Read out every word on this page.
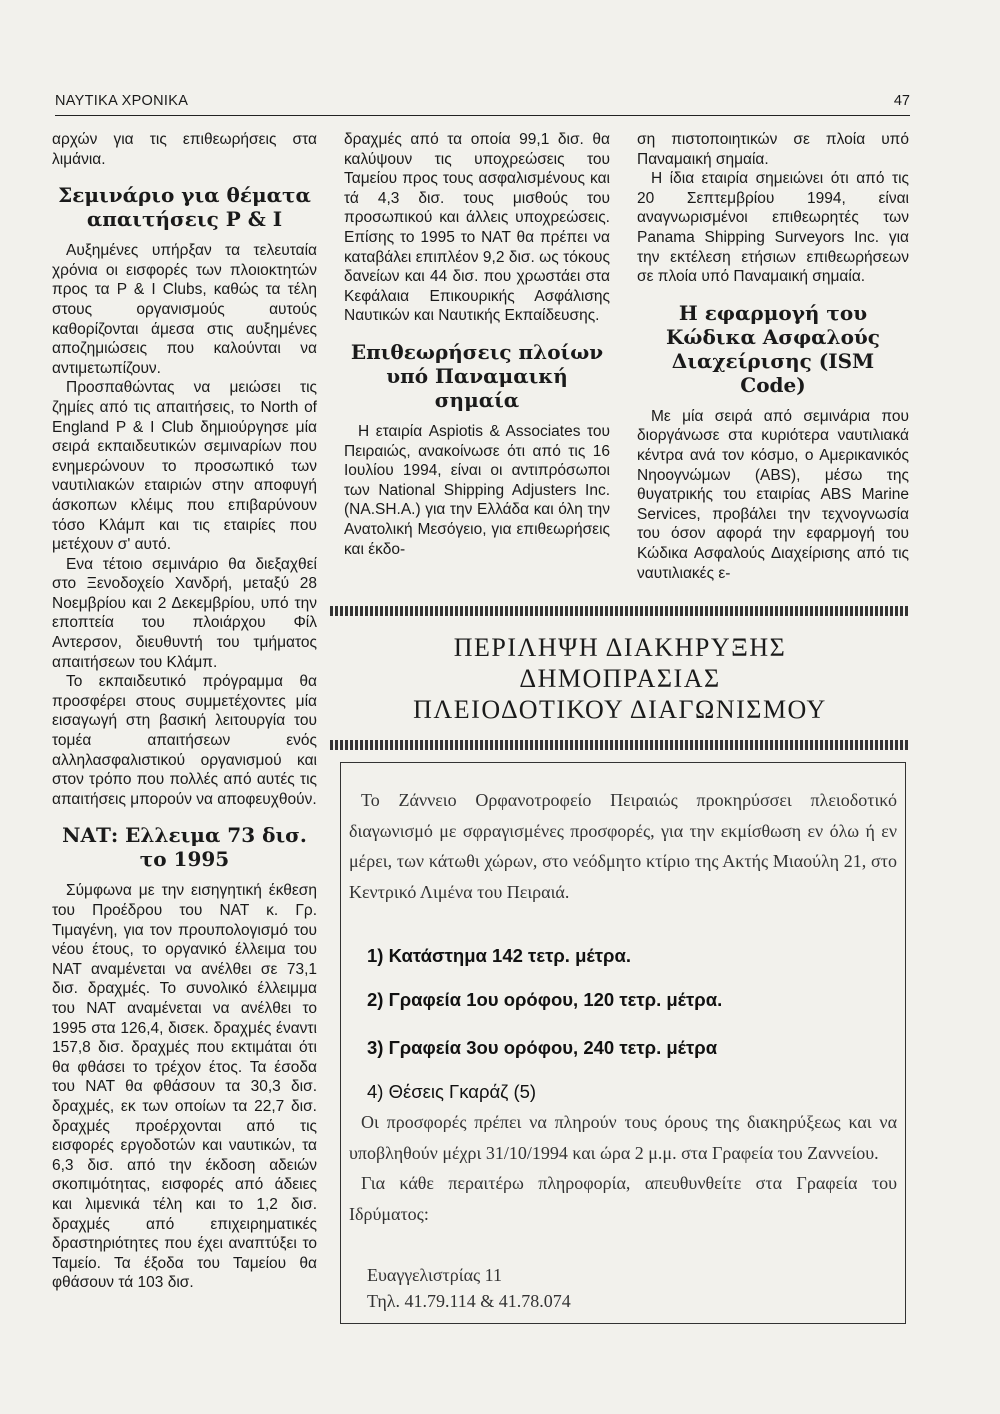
ΝΑΥΤΙΚΑ ΧΡΟΝΙΚΑ	47

αρχών για τις επιθεωρήσεις στα λιμάνια.

Σεμινάριο για θέματα απαιτήσεις P & I

Αυξημένες υπήρξαν τα τελευταία χρόνια οι εισφορές των πλοιοκτητών προς τα P & I Clubs, καθώς τα τέλη στους οργανισμούς αυτούς καθορίζονται άμεσα στις αυξημένες αποζημιώσεις που καλούνται να αντιμετωπίζουν.

Προσπαθώντας να μειώσει τις ζημίες από τις απαιτήσεις, το North of England P & I Club δημιούργησε μία σειρά εκπαιδευτικών σεμιναρίων που ενημερώνουν το προσωπικό των ναυτιλιακών εταιριών στην αποφυγή άσκοπων κλέιμς που επιβαρύνουν τόσο Κλάμπ και τις εταιρίες που μετέχουν σ' αυτό.

Ενα τέτοιο σεμινάριο θα διεξαχθεί στο Ξενοδοχείο Χανδρή, μεταξύ 28 Νοεμβρίου και 2 Δεκεμβρίου, υπό την εποπτεία του πλοιάρχου Φίλ Αντερσον, διευθυντή του τμήματος απαιτήσεων του Κλάμπ.

Το εκπαιδευτικό πρόγραμμα θα προσφέρει στους συμμετέχοντες μία εισαγωγή στη βασική λειτουργία του τομέα απαιτήσεων ενός αλληλασφαλιστικού οργανισμού και στον τρόπο που πολλές από αυτές τις απαιτήσεις μπορούν να αποφευχθούν.

ΝΑΤ: Ελλειμα 73 δισ. το 1995

Σύμφωνα με την εισηγητική έκθεση του Προέδρου του ΝΑΤ κ. Γρ. Τιμαγένη, για τον προυπολογισμό του νέου έτους, το οργανικό έλλειμα του ΝΑΤ αναμένεται να ανέλθει σε 73,1 δισ. δραχμές. Το συνολικό έλλειμμα του ΝΑΤ αναμένεται να ανέλθει το 1995 στα 126,4, δισεκ. δραχμές έναντι 157,8 δισ. δραχμές που εκτιμάται ότι θα φθάσει το τρέχον έτος. Τα έσοδα του ΝΑΤ θα φθάσουν τα 30,3 δισ. δραχμές, εκ των οποίων τα 22,7 δισ. δραχμές προέρχονται από τις εισφορές εργοδοτών και ναυτικών, τα 6,3 δισ. από την έκδοση αδειών σκοπιμότητας, εισφορές από άδειες και λιμενικά τέλη και το 1,2 δισ. δραχμές από επιχειρηματικές δραστηριότητες που έχει αναπτύξει το Ταμείο. Τα έξοδα του Ταμείου θα φθάσουν τά 103 δισ.

δραχμές από τα οποία 99,1 δισ. θα καλύψουν τις υποχρεώσεις του Ταμείου προς τους ασφαλισμένους και τά 4,3 δισ. τους μισθούς του προσωπικού και άλλεις υποχρεώσεις. Επίσης το 1995 το ΝΑΤ θα πρέπει να καταβάλει επιπλέον 9,2 δισ. ως τόκους δανείων και 44 δισ. που χρωστάει στα Κεφάλαια Επικουρικής Ασφάλισης Ναυτικών και Ναυτικής Εκπαίδευσης.

Επιθεωρήσεις πλοίων υπό Παναμαική σημαία

Η εταιρία Aspiotis & Associates του Πειραιώς, ανακοίνωσε ότι από τις 16 Ιουλίου 1994, είναι οι αντιπρόσωποι των National Shipping Adjusters Inc. (NA.SH.A.) για την Ελλάδα και όλη την Ανατολική Μεσόγειο, για επιθεωρήσεις και έκδο-

ση πιστοποιητικών σε πλοία υπό Παναμαική σημαία.

Η ίδια εταιρία σημειώνει ότι από τις 20 Σεπτεμβρίου 1994, είναι αναγνωρισμένοι επιθεωρητές των Panama Shipping Surveyors Inc. για την εκτέλεση ετήσιων επιθεωρήσεων σε πλοία υπό Παναμαική σημαία.

Η εφαρμογή του Κώδικα Ασφαλούς Διαχείρισης (ISM Code)

Με μία σειρά από σεμινάρια που διοργάνωσε στα κυριότερα ναυτιλιακά κέντρα ανά τον κόσμο, ο Αμερικανικός Νηοογνώμων (ABS), μέσω της θυγατρικής του εταιρίας ABS Marine Services, προβάλει την τεχνογνωσία του όσον αφορά την εφαρμογή του Κώδικα Ασφαλούς Διαχείρισης από τις ναυτιλιακές ε-

ΠΕΡΙΛΗΨΗ ΔΙΑΚΗΡΥΞΗΣ
ΔΗΜΟΠΡΑΣΙΑΣ
ΠΛΕΙΟΔΟΤΙΚΟΥ ΔΙΑΓΩΝΙΣΜΟΥ

Το Ζάννειο Ορφανοτροφείο Πειραιώς προκηρύσσει πλειοδοτικό διαγωνισμό με σφραγισμένες προσφορές, για την εκμίσθωση εν όλω ή εν μέρει, των κάτωθι χώρων, στο νεόδμητο κτίριο της Ακτής Μιαούλη 21, στο Κεντρικό Λιμένα του Πειραιά.

1) Κατάστημα 142 τετρ. μέτρα.
2) Γραφεία 1ου ορόφου, 120 τετρ. μέτρα.
3) Γραφεία 3ου ορόφου, 240 τετρ. μέτρα
4) Θέσεις Γκαράζ (5)

Οι προσφορές πρέπει να πληρούν τους όρους της διακηρύξεως και να υποβληθούν μέχρι 31/10/1994 και ώρα 2 μ.μ. στα Γραφεία του Ζαννείου.

Για κάθε περαιτέρω πληροφορία, απευθυνθείτε στα Γραφεία του Ιδρύματος:

Ευαγγελιστρίας 11
Τηλ. 41.79.114 & 41.78.074
